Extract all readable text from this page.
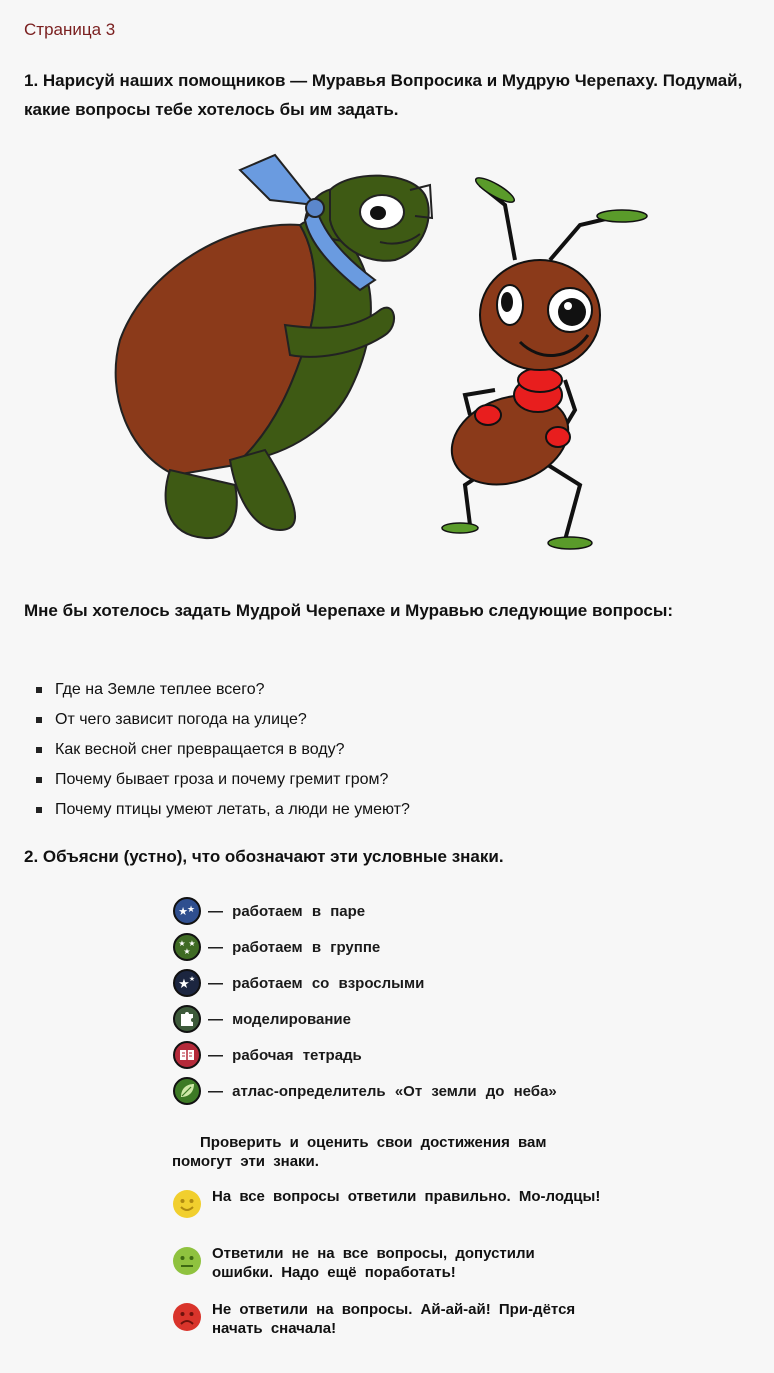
Страница 3
1. Нарисуй наших помощников — Муравья Вопросика и Мудрую Черепаху. Подумай, какие вопросы тебе хотелось бы им задать.
Мне бы хотелось задать Мудрой Черепахе и Муравью следующие вопросы:
Где на Земле теплее всего?
От чего зависит погода на улице?
Как весной снег превращается в воду?
Почему бывает гроза и почему гремит гром?
Почему птицы умеют летать, а люди не умеют?
2. Объясни (устно), что обозначают эти условные знаки.
★ ★ — работаем в паре
★ ★
★ — работаем в группе
★ ★ — работаем со взрослыми
— моделирование
— рабочая тетрадь
— атлас-определитель «От земли до неба»
Проверить и оценить свои достижения вам помогут эти знаки.
На все вопросы ответили правильно. Мо-лодцы!
Ответили не на все вопросы, допустили ошибки. Надо ещё поработать!
Не ответили на вопросы. Ай-ай-ай! При-дётся начать сначала!
